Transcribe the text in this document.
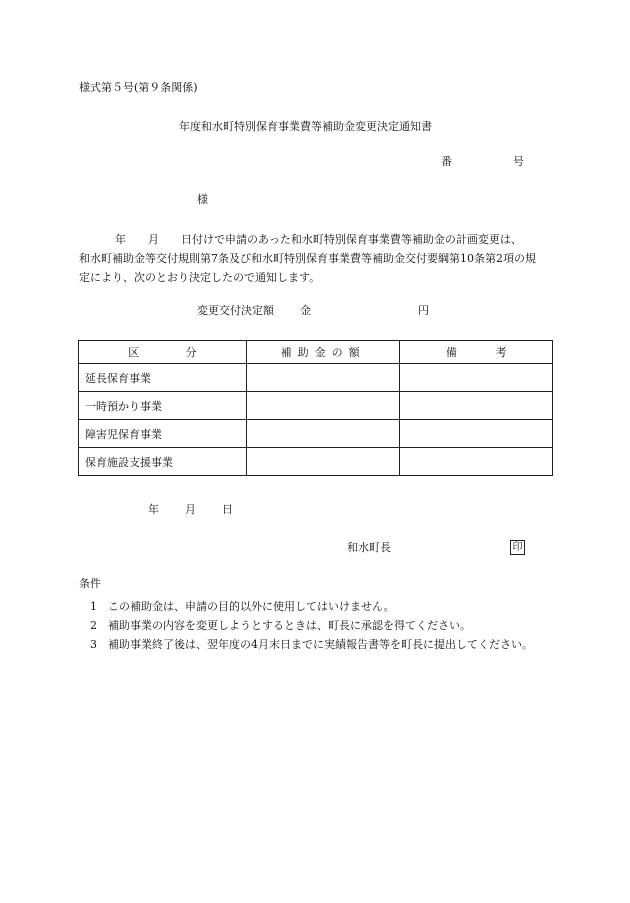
様式第５号(第９条関係)
年度和水町特別保育事業費等補助金変更決定通知書
番	号
様
年 月 日付けで申請のあった和水町特別保育事業費等補助金の計画変更は、
和水町補助金等交付規則第7条及び和水町特別保育事業費等補助金交付要綱第10条第2項の規
定により、次のとおり決定したので通知します。
変更交付決定額 金	円
区 分	補助金の額	備 考

延長保育事業		
一時預かり事業		
障害児保育事業		
保育施設支援事業		
年 月 日
和水町長	印
条件
1 この補助金は、申請の目的以外に使用してはいけません。
2 補助事業の内容を変更しようとするときは、町長に承認を得てください。
3 補助事業終了後は、翌年度の4月末日までに実績報告書等を町長に提出してください。
